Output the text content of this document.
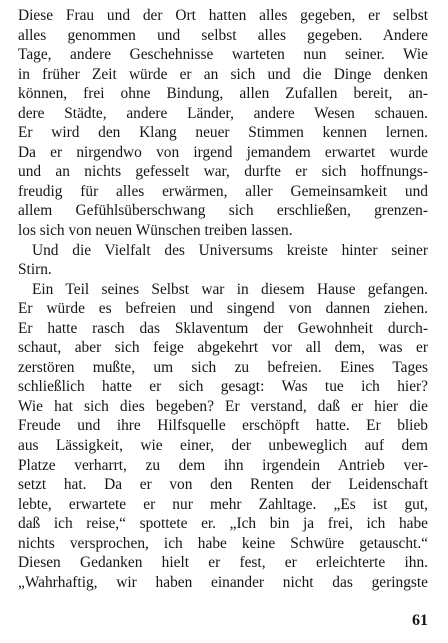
Diese Frau und der Ort hatten alles gegeben, er selbst
alles genommen und selbst alles gegeben. Andere
Tage, andere Geschehnisse warteten nun seiner. Wie
in früher Zeit würde er an sich und die Dinge denken
können, frei ohne Bindung, allen Zufallen bereit, an-
dere Städte, andere Länder, andere Wesen schauen.
Er wird den Klang neuer Stimmen kennen lernen.
Da er nirgendwo von irgend jemandem erwartet wurde
und an nichts gefesselt war, durfte er sich hoffnungs-
freudig für alles erwärmen, aller Gemeinsamkeit und
allem Gefühlsüberschwang sich erschließen, grenzen-
los sich von neuen Wünschen treiben lassen.
Und die Vielfalt des Universums kreiste hinter seiner
Stirn.
Ein Teil seines Selbst war in diesem Hause gefangen.
Er würde es befreien und singend von dannen ziehen.
Er hatte rasch das Sklaventum der Gewohnheit durch-
schaut, aber sich feige abgekehrt vor all dem, was er
zerstören mußte, um sich zu befreien. Eines Tages
schließlich hatte er sich gesagt: Was tue ich hier?
Wie hat sich dies begeben? Er verstand, daß er hier die
Freude und ihre Hilfsquelle erschöpft hatte. Er blieb
aus Lässigkeit, wie einer, der unbeweglich auf dem
Platze verharrt, zu dem ihn irgendein Antrieb ver-
setzt hat. Da er von den Renten der Leidenschaft
lebte, erwartete er nur mehr Zahltage. „Es ist gut,
daß ich reise,“ spottete er. „Ich bin ja frei, ich habe
nichts versprochen, ich habe keine Schwüre getauscht.“
Diesen Gedanken hielt er fest, er erleichterte ihn.
„Wahrhaftig, wir haben einander nicht das geringste
61
